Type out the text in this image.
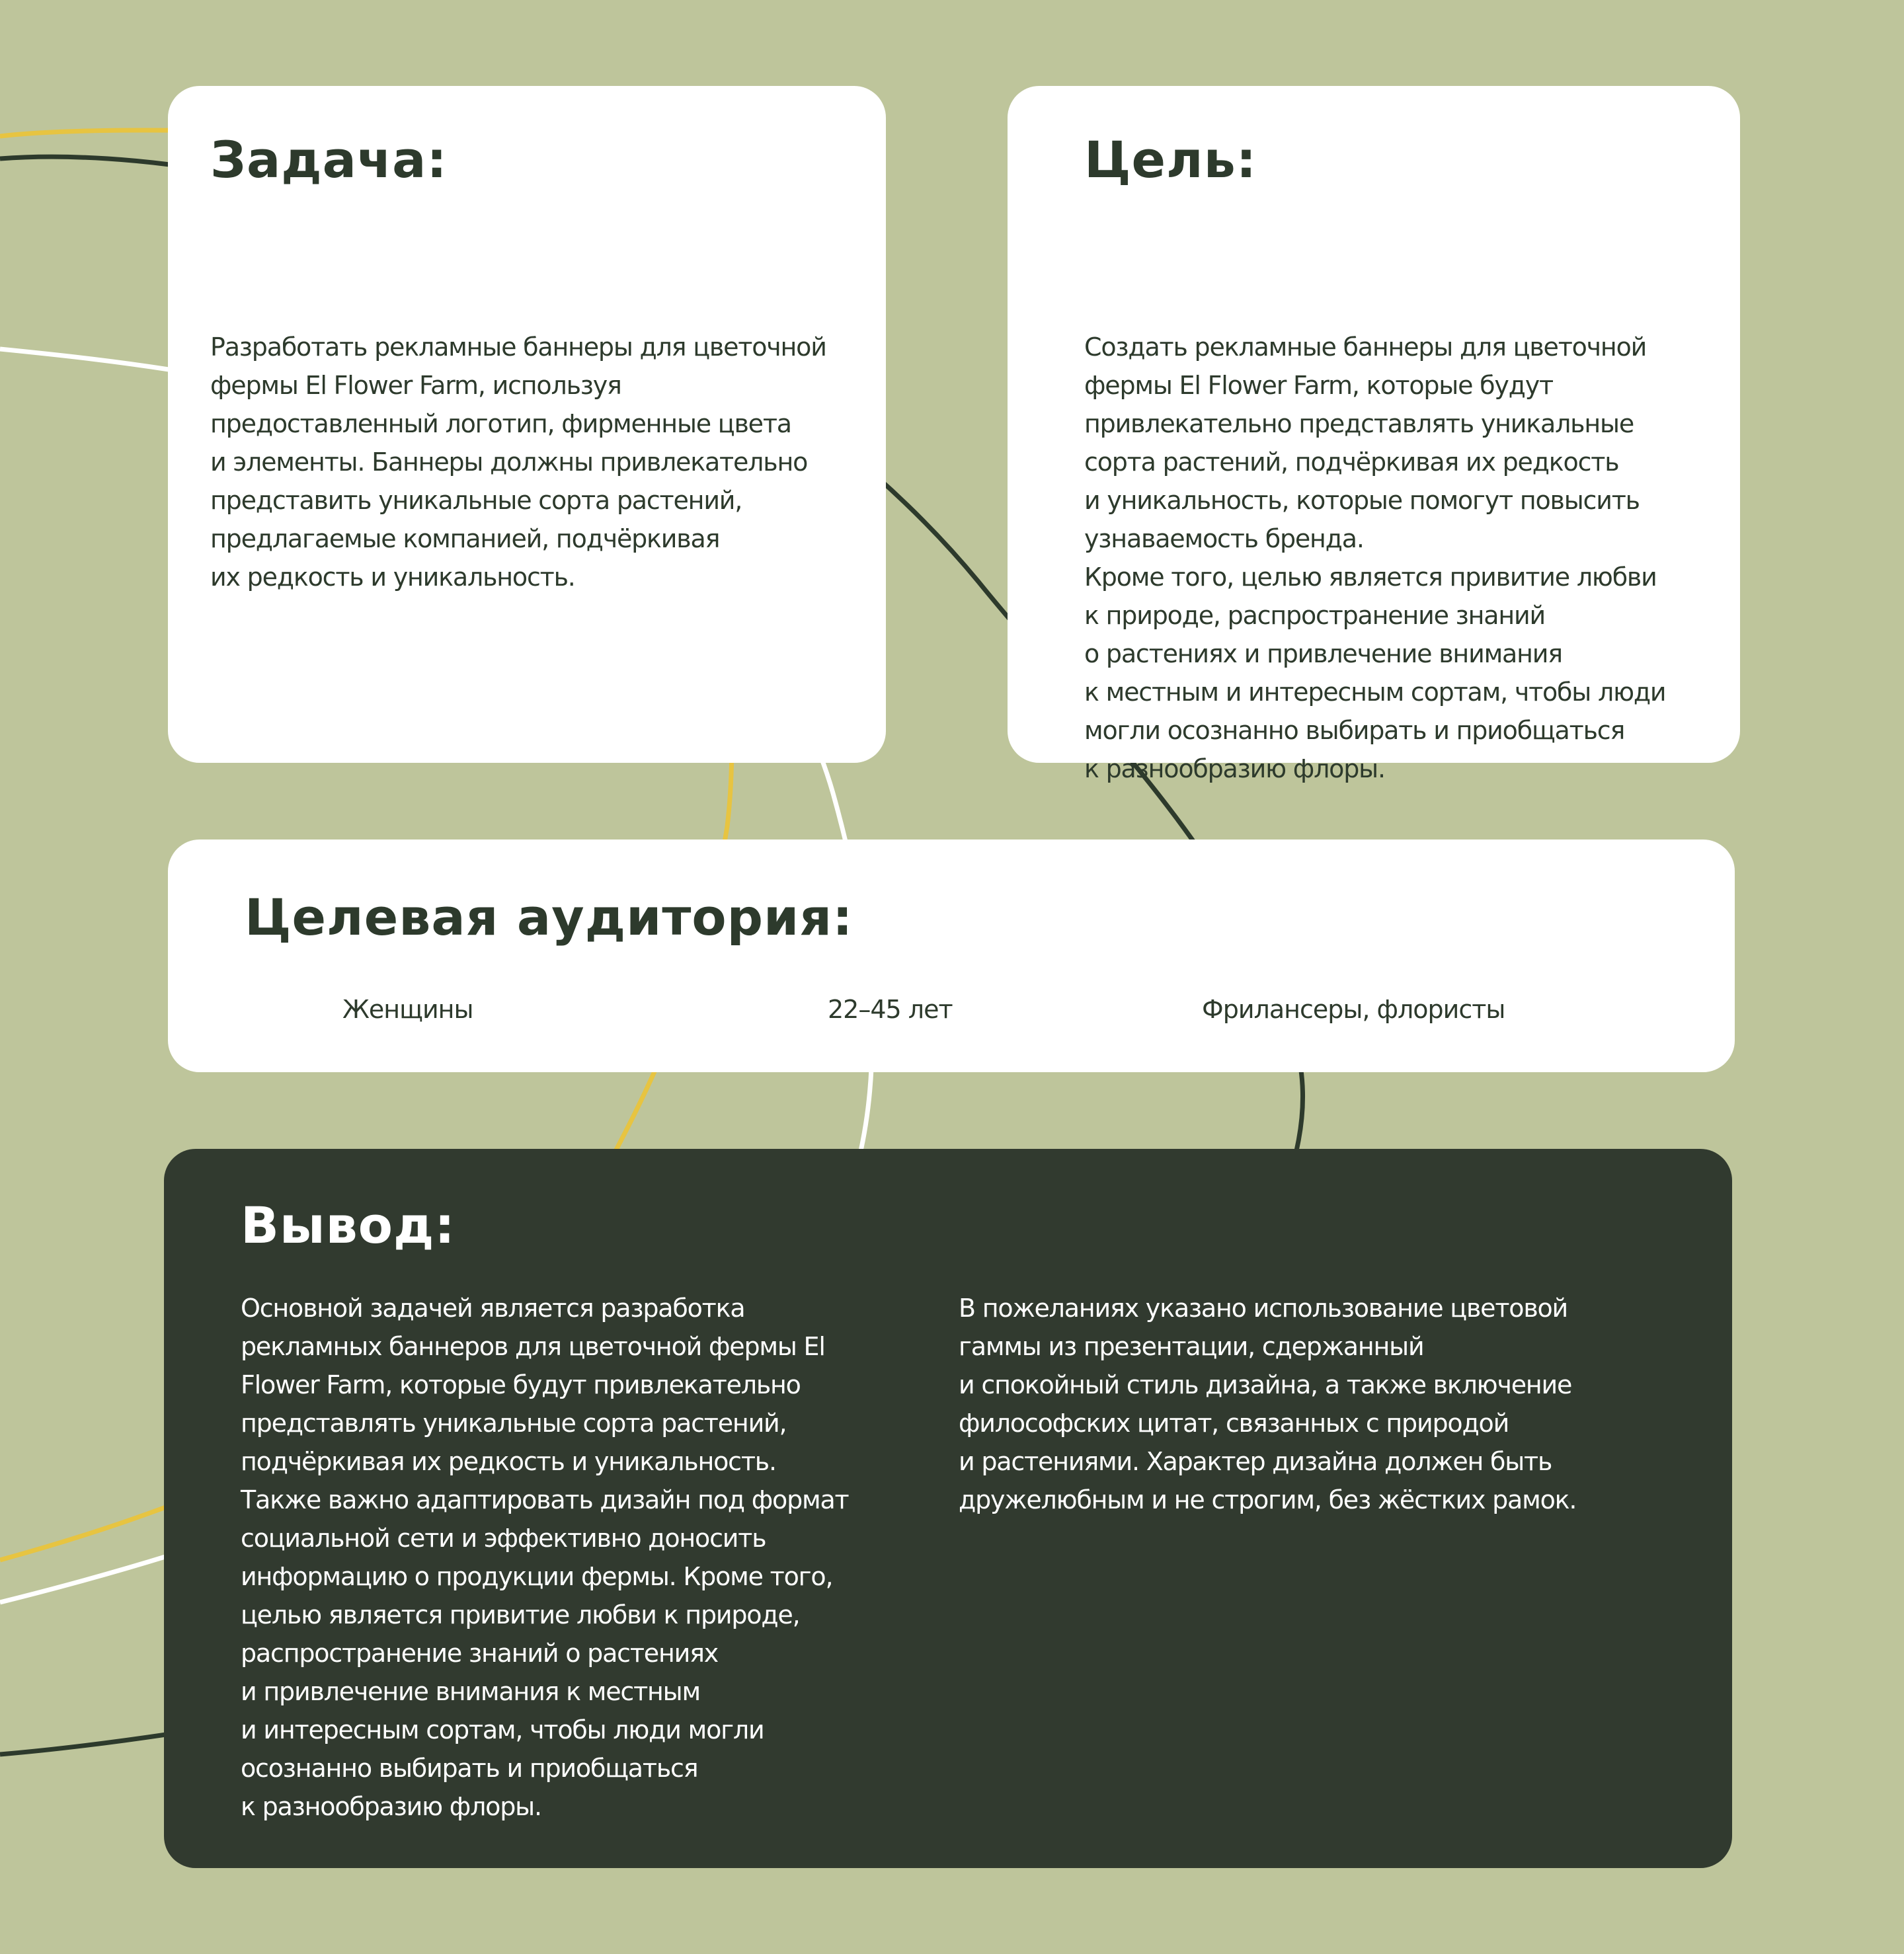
Задача:

Разработать рекламные баннеры для цветочной
фермы El Flower Farm, используя
предоставленный логотип, фирменные цвета
и элементы. Баннеры должны привлекательно
представить уникальные сорта растений,
предлагаемые компанией, подчёркивая
их редкость и уникальность.

Цель:

Создать рекламные баннеры для цветочной
фермы El Flower Farm, которые будут
привлекательно представлять уникальные
сорта растений, подчёркивая их редкость
и уникальность, которые помогут повысить
узнаваемость бренда.
Кроме того, целью является привитие любви
к природе, распространение знаний
о растениях и привлечение внимания
к местным и интересным сортам, чтобы люди
могли осознанно выбирать и приобщаться
к разнообразию флоры.

Целевая аудитория:
Женщины	22–45 лет	Фрилансеры, флористы
Вывод:

Основной задачей является разработка
рекламных баннеров для цветочной фермы El
Flower Farm, которые будут привлекательно
представлять уникальные сорта растений,
подчёркивая их редкость и уникальность.
Также важно адаптировать дизайн под формат
социальной сети и эффективно доносить
информацию о продукции фермы. Кроме того,
целью является привитие любви к природе,
распространение знаний о растениях
и привлечение внимания к местным
и интересным сортам, чтобы люди могли
осознанно выбирать и приобщаться
к разнообразию флоры.

В пожеланиях указано использование цветовой
гаммы из презентации, сдержанный
и спокойный стиль дизайна, а также включение
философских цитат, связанных с природой
и растениями. Характер дизайна должен быть
дружелюбным и не строгим, без жёстких рамок.
